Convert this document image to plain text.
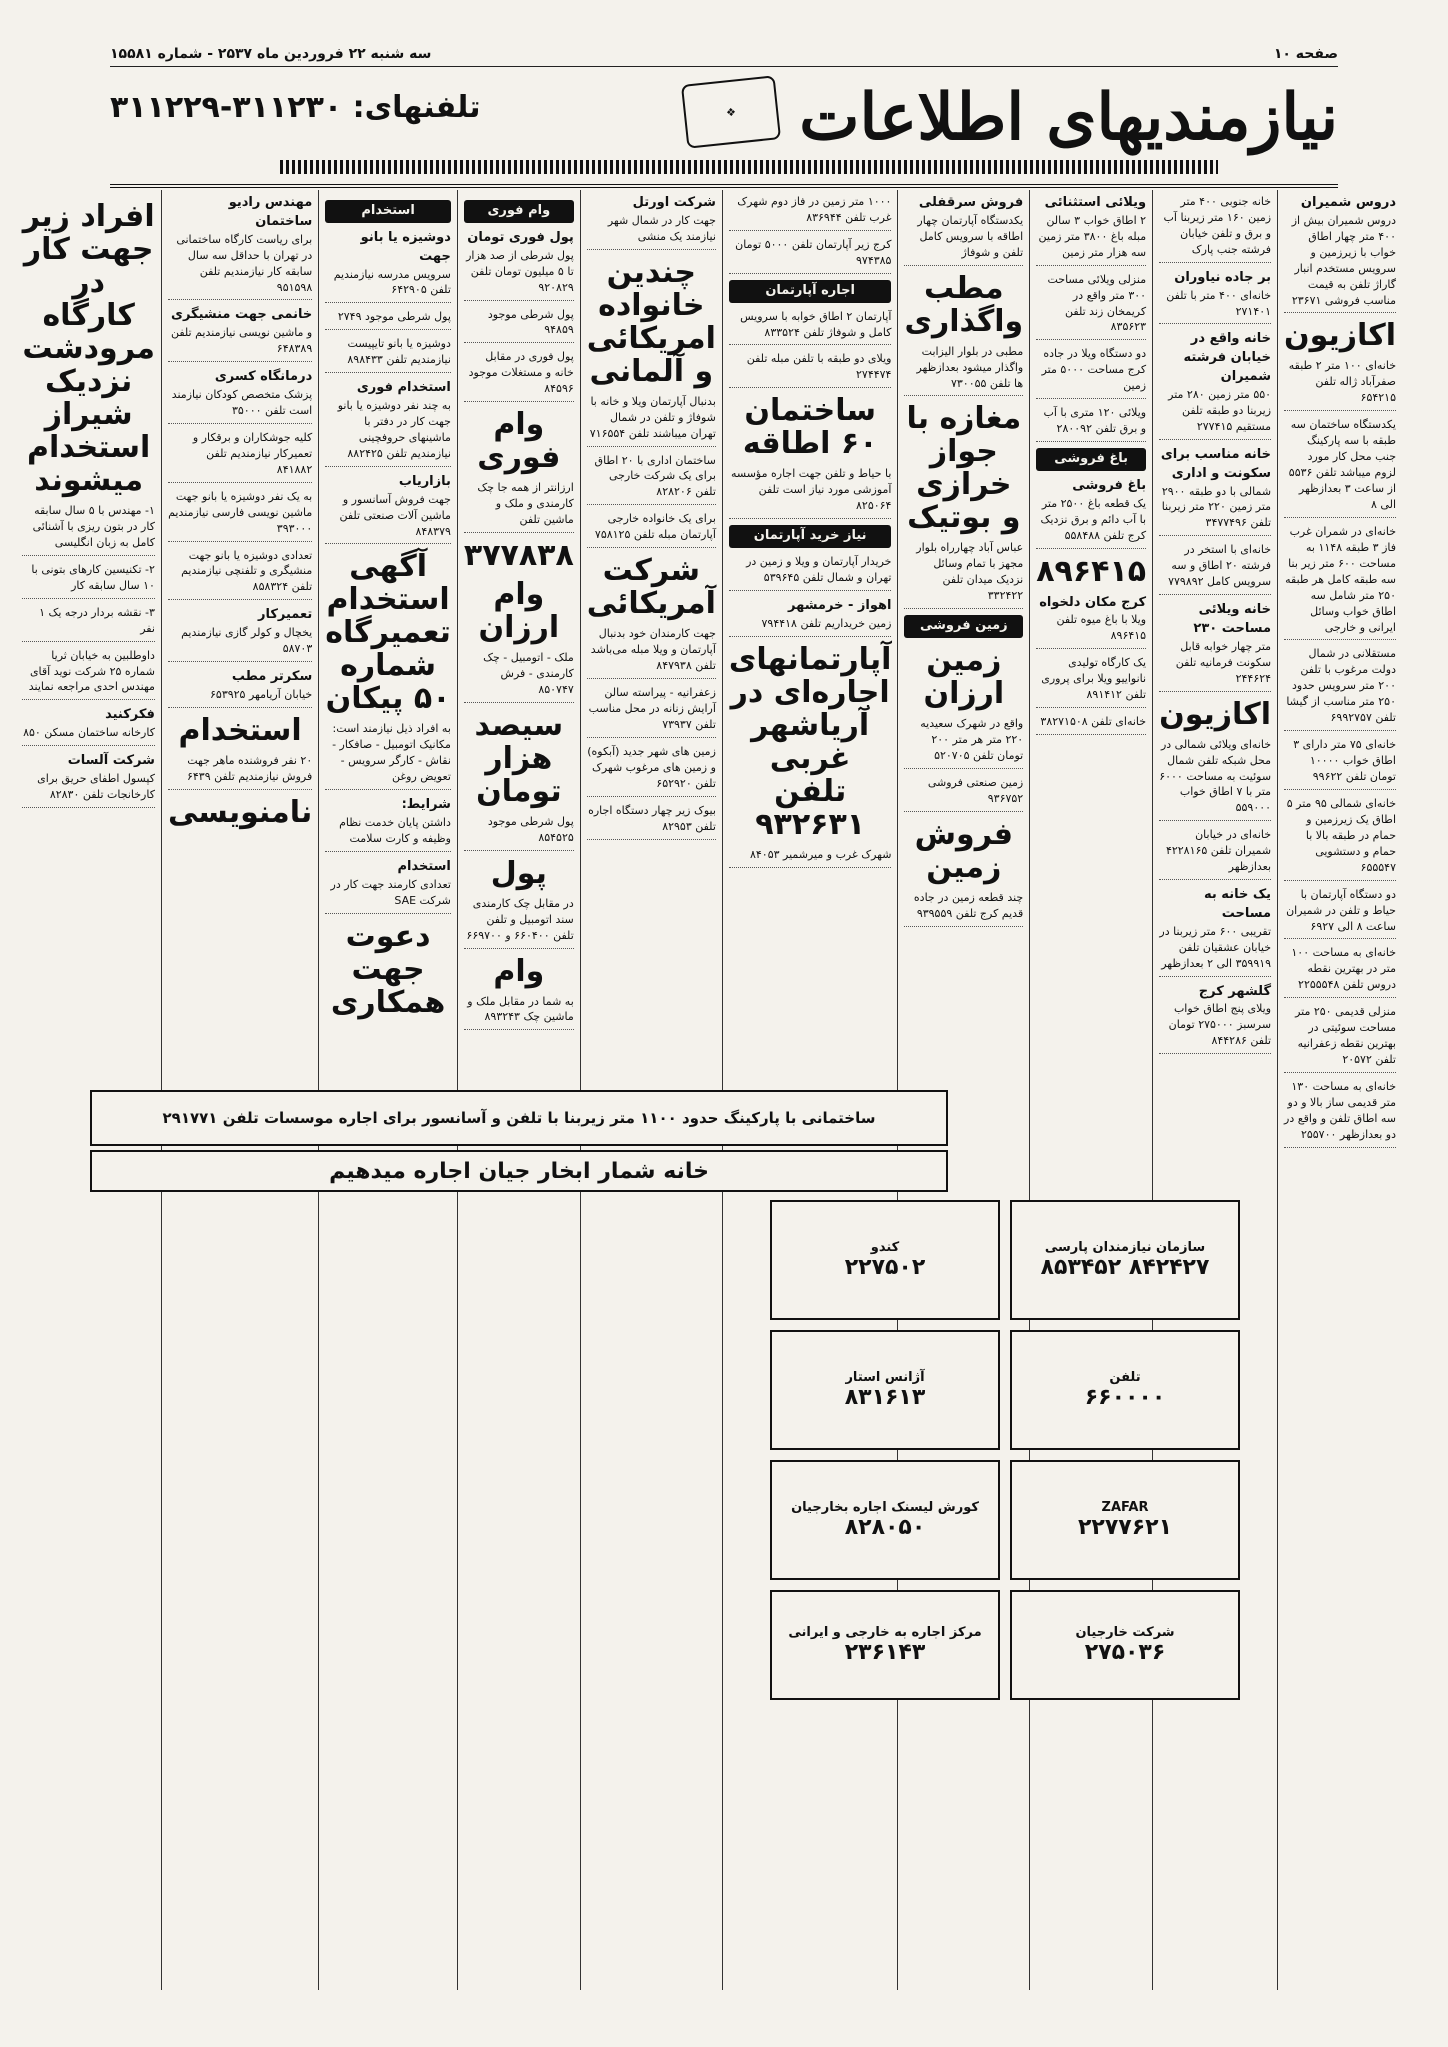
صفحه ۱۰
سه شنبه ۲۲ فروردین ماه ۲۵۳۷ - شماره ۱۵۵۸۱
نیازمندیهای اطلاعات
❖
تلفنهای: ۳۱۱۲۳۰-۳۱۱۲۲۹
دروس شمیران
دروس شمیران بیش از ۴۰۰ متر چهار اطاق خواب با زیرزمین و سرویس مستخدم انبار گاراژ تلفن به قیمت مناسب فروشی ۲۳۶۷۱
اکازیون
خانه‌ای ۱۰۰ متر ۲ طبقه صفرآباد ژاله تلفن ۶۵۴۲۱۵
یکدستگاه ساختمان سه طبقه با سه پارکینگ جنب محل کار مورد لزوم میباشد تلفن ۵۵۳۶ از ساعت ۳ بعدازظهر الی ۸
خانه‌ای در شمران غرب فاز ۳ طبقه ۱۱۴۸ به مساحت ۶۰۰ متر زیر بنا سه طبقه کامل هر طبقه ۲۵۰ متر شامل سه اطاق خواب وسائل ایرانی و خارجی
مستقلانی در شمال دولت مرغوب با تلفن ۲۰۰ متر سرویس حدود ۲۵۰ متر مناسب از گیشا تلفن ۶۹۹۲۷۵۷
خانه‌ای ۷۵ متر دارای ۳ اطاق خواب ۱۰۰۰۰ تومان تلفن ۹۹۶۲۲
خانه‌ای شمالی ۹۵ متر ۵ اطاق یک زیرزمین و حمام در طبقه بالا با حمام و دستشویی ۶۵۵۵۴۷
دو دستگاه آپارتمان با حیاط و تلفن در شمیران ساعت ۸ الی ۶۹۲۷
خانه‌ای به مساحت ۱۰۰ متر در بهترین نقطه دروس تلفن ۲۲۵۵۵۴۸
منزلی قدیمی ۲۵۰ متر مساحت سوئیتی در بهترین نقطه زعفرانیه تلفن ۲۰۵۷۲
خانه‌ای به مساحت ۱۳۰ متر قدیمی ساز بالا و دو سه اطاق تلفن و واقع در دو بعدازظهر ۲۵۵۷۰۰
خانه جنوبی ۴۰۰ متر زمین ۱۶۰ متر زیربنا آب و برق و تلفن خیابان فرشته جنب پارک
بر جاده نیاوران
خانه‌ای ۴۰۰ متر با تلفن ۲۷۱۴۰۱
خانه واقع در خیابان فرشته شمیران
۵۵۰ متر زمین ۲۸۰ متر زیربنا دو طبقه تلفن مستقیم ۲۷۷۴۱۵
خانه مناسب برای سکونت و اداری
شمالی با دو طبقه ۲۹۰۰ متر زمین ۲۲۰ متر زیربنا تلفن ۳۴۷۷۴۹۶
خانه‌ای با استخر در فرشته ۲۰ اطاق و سه سرویس کامل ۷۷۹۸۹۲
خانه ویلائی مساحت ۲۳۰
متر چهار خوابه قابل سکونت فرمانیه تلفن ۲۴۴۶۲۴
اکازیون
خانه‌ای ویلائی شمالی در محل شبکه تلفن شمال سوئیت به مساحت ۶۰۰۰ متر با ۷ اطاق خواب ۵۵۹۰۰۰
خانه‌ای در خیابان شمیران تلفن ۴۲۲۸۱۶۵ بعدازظهر
یک خانه به مساحت
تقریبی ۶۰۰ متر زیربنا در خیابان عشقیان تلفن ۳۵۹۹۱۹ الی ۲ بعدازظهر
گلشهر کرج
ویلای پنج اطاق خواب سرسبز ۲۷۵۰۰۰ تومان تلفن ۸۴۴۲۸۶
ویلائی استثنائی
۲ اطاق خواب ۳ سالن مبله باغ ۳۸۰۰ متر زمین سه هزار متر زمین
منزلی ویلائی مساحت ۳۰۰ متر واقع در کریمخان زند تلفن ۸۳۵۶۲۳
دو دستگاه ویلا در جاده کرج مساحت ۵۰۰۰ متر زمین
ویلائی ۱۲۰ متری با آب و برق تلفن ۲۸۰۰۹۲
باغ فروشی
باغ فروشی
یک قطعه باغ ۲۵۰۰ متر با آب دائم و برق نزدیک کرج تلفن ۵۵۸۴۸۸
۸۹۶۴۱۵
کرج مکان دلخواه
ویلا با باغ میوه تلفن ۸۹۶۴۱۵
یک کارگاه تولیدی نانواییو ویلا برای پروری تلفن ۸۹۱۴۱۲
خانه‌ای تلفن ۳۸۲۷۱۵۰۸
فروش سرقفلی
یکدستگاه آپارتمان چهار اطاقه با سرویس کامل تلفن و شوفاژ
مطب واگذاری
مطبی در بلوار الیزابت واگذار میشود بعدازظهر ها تلفن ۷۳۰۰۵۵
مغازه با جواز خرازی و بوتیک
عباس آباد چهارراه بلوار مجهز با تمام وسائل نزدیک میدان تلفن ۳۳۲۴۲۲
زمین فروشی
زمین ارزان
واقع در شهرک سعیدیه ۲۲۰ متر هر متر ۲۰۰ تومان تلفن ۵۲۰۷۰۵
زمین صنعتی فروشی ۹۳۶۷۵۲
فروش زمین
چند قطعه زمین در جاده قدیم کرج تلفن ۹۳۹۵۵۹
۱۰۰۰ متر زمین در فاز دوم شهرک غرب تلفن ۸۳۶۹۴۴
کرج زیر آپارتمان تلفن ۵۰۰۰ تومان ۹۷۴۳۸۵
اجاره آپارتمان
آپارتمان ۲ اطاق خوابه با سرویس کامل و شوفاژ تلفن ۸۳۳۵۲۴
ویلای دو طبقه با تلفن مبله تلفن ۲۷۴۴۷۴
ساختمان ۶۰ اطاقه
با حیاط و تلفن جهت اجاره مؤسسه آموزشی مورد نیاز است تلفن ۸۲۵۰۶۴
نیاز خرید آپارتمان
خریدار آپارتمان و ویلا و زمین در تهران و شمال تلفن ۵۳۹۶۴۵
اهواز - خرمشهر
زمین خریداریم تلفن ۷۹۴۴۱۸
آپارتمانهای اجاره‌ای در آریاشهر غربی تلفن ۹۳۲۶۳۱
شهرک غرب و میرشمیر ۸۴۰۵۳
شرکت اورتل
جهت کار در شمال شهر نیازمند یک منشی
چندین خانواده امریکائی و آلمانی
بدنبال آپارتمان ویلا و خانه با شوفاژ و تلفن در شمال تهران میباشند تلفن ۷۱۶۵۵۴
ساختمان اداری با ۲۰ اطاق برای یک شرکت خارجی تلفن ۸۲۸۲۰۶
برای یک خانواده خارجی آپارتمان مبله تلفن ۷۵۸۱۲۵
شرکت آمریکائی
جهت کارمندان خود بدنبال آپارتمان و ویلا مبله می‌باشد تلفن ۸۴۷۹۳۸
زعفرانیه - پیراسته سالن آرایش زنانه در محل مناسب تلفن ۷۳۹۳۷
زمین های شهر جدید (آبکوه) و زمین های مرغوب شهرک تلفن ۶۵۲۹۲۰
بیوک زیر چهار دستگاه اجاره تلفن ۸۲۹۵۳
وام فوری
پول فوری تومان
پول شرطی از صد هزار تا ۵ میلیون تومان تلفن ۹۲۰۸۲۹
پول شرطی موجود ۹۴۸۵۹
پول فوری در مقابل خانه و مستغلات موجود ۸۴۵۹۶
وام فوری
ارزانتر از همه جا چک کارمندی و ملک و ماشین تلفن
۳۷۷۸۳۸
وام ارزان
ملک - اتومبیل - چک کارمندی - فرش ۸۵۰۷۴۷
سیصد هزار تومان
پول شرطی موجود ۸۵۴۵۲۵
پول
در مقابل چک کارمندی سند اتومبیل و تلفن تلفن ۶۶۰۴۰۰ و ۶۶۹۷۰۰
وام
به شما در مقابل ملک و ماشین چک ۸۹۳۲۴۳
استخدام
دوشیزه یا بانو جهت
سرویس مدرسه نیازمندیم تلفن ۶۴۲۹۰۵
پول شرطی موجود ۲۷۴۹
دوشیزه یا بانو تایپیست نیازمندیم تلفن ۸۹۸۴۳۳
استخدام فوری
به چند نفر دوشیزه یا بانو جهت کار در دفتر با ماشینهای حروفچینی نیازمندیم تلفن ۸۸۲۴۲۵
بازاریاب
جهت فروش آسانسور و ماشین آلات صنعتی تلفن ۸۴۸۳۷۹
آگهی استخدام تعمیرگاه شماره ۵۰ پیکان
به افراد ذیل نیازمند است: مکانیک اتومبیل - صافکار - نقاش - کارگر سرویس - تعویض روغن
شرایط:
داشتن پایان خدمت نظام وظیفه و کارت سلامت
استخدام
تعدادی کارمند جهت کار در شرکت SAE
دعوت جهت همکاری
مهندس رادیو ساختمان
برای ریاست کارگاه ساختمانی در تهران با حداقل سه سال سابقه کار نیازمندیم تلفن ۹۵۱۵۹۸
خانمی جهت منشیگری
و ماشین نویسی نیازمندیم تلفن ۶۴۸۳۸۹
درمانگاه کسری
پزشک متخصص کودکان نیازمند است تلفن ۳۵۰۰۰
کلیه جوشکاران و برقکار و تعمیرکار نیازمندیم تلفن ۸۴۱۸۸۲
به یک نفر دوشیزه یا بانو جهت ماشین نویسی فارسی نیازمندیم ۳۹۳۰۰۰
تعدادی دوشیزه یا بانو جهت منشیگری و تلفنچی نیازمندیم تلفن ۸۵۸۳۲۴
تعمیرکار
یخچال و کولر گازی نیازمندیم ۵۸۷۰۳
سکرتر مطب
خیابان آریامهر ۶۵۳۹۲۵
استخدام
۲۰ نفر فروشنده ماهر جهت فروش نیازمندیم تلفن ۶۴۳۹
نامنویسی
افراد زیر جهت کار در کارگاه مرودشت نزدیک شیراز استخدام میشوند
۱- مهندس با ۵ سال سابقه کار در بتون ریزی با آشنائی کامل به زبان انگلیسی
۲- تکنیسین کارهای بتونی با ۱۰ سال سابقه کار
۳- نقشه بردار درجه یک ۱ نفر
داوطلبین به خیابان ثریا شماره ۲۵ شرکت نوید آقای مهندس احدی مراجعه نمایند
فکرکنید
کارخانه ساختمان مسکن ۸۵۰
شرکت آلسات
کپسول اطفای حریق برای کارخانجات تلفن ۸۲۸۳۰
ساختمانی با پارکینگ حدود ۱۱۰۰ متر زیربنا با تلفن و آسانسور برای اجاره موسسات تلفن ۲۹۱۷۷۱
خانه شمار ابخار جیان اجاره میدهیم
سازمان نیازمندان پارسی
۸۴۲۴۲۷ ۸۵۳۴۵۲
کندو
۲۲۷۵۰۲
تلفن
۶۶۰۰۰۰
آژانس استار
۸۳۱۶۱۳
ZAFAR
۲۲۷۷۶۲۱
کورش لیسنک اجاره بخارجیان
۸۲۸۰۵۰
شرکت خارجیان
۲۷۵۰۳۶
مرکز اجاره به خارجی و ایرانی
۲۳۶۱۴۳
